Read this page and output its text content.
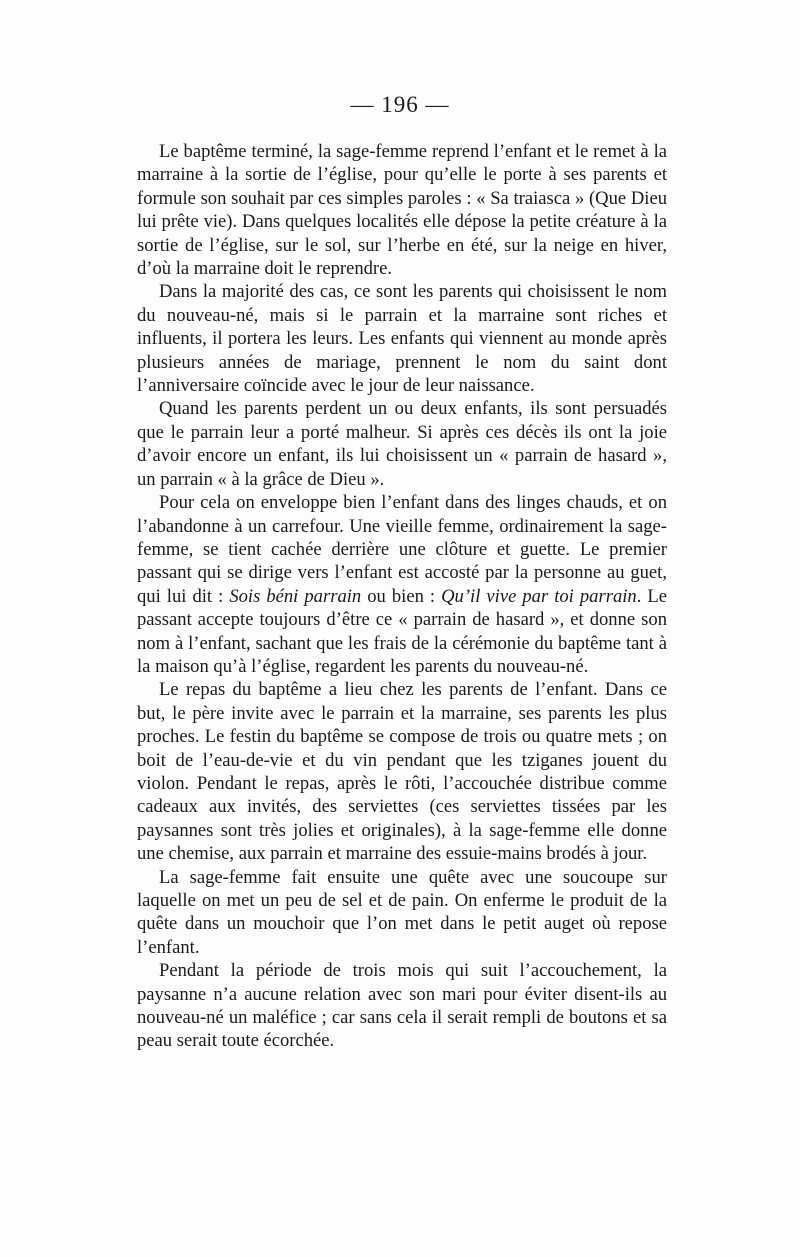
— 196 —

Le baptême terminé, la sage-femme reprend l’enfant et le remet à la marraine à la sortie de l’église, pour qu’elle le porte à ses parents et formule son souhait par ces simples paroles : « Sa traiasca » (Que Dieu lui prête vie). Dans quelques localités elle dépose la petite créature à la sortie de l’église, sur le sol, sur l’herbe en été, sur la neige en hiver, d’où la marraine doit le reprendre.

Dans la majorité des cas, ce sont les parents qui choisissent le nom du nouveau-né, mais si le parrain et la marraine sont riches et influents, il portera les leurs. Les enfants qui viennent au monde après plusieurs années de mariage, prennent le nom du saint dont l’anniversaire coïncide avec le jour de leur naissance.

Quand les parents perdent un ou deux enfants, ils sont persuadés que le parrain leur a porté malheur. Si après ces décès ils ont la joie d’avoir encore un enfant, ils lui choisissent un « parrain de hasard », un parrain « à la grâce de Dieu ».

Pour cela on enveloppe bien l’enfant dans des linges chauds, et on l’abandonne à un carrefour. Une vieille femme, ordinairement la sage-femme, se tient cachée derrière une clôture et guette. Le premier passant qui se dirige vers l’enfant est accosté par la personne au guet, qui lui dit : Sois béni parrain ou bien : Qu’il vive par toi parrain. Le passant accepte toujours d’être ce « parrain de hasard », et donne son nom à l’enfant, sachant que les frais de la cérémonie du baptême tant à la maison qu’à l’église, regardent les parents du nouveau-né.

Le repas du baptême a lieu chez les parents de l’enfant. Dans ce but, le père invite avec le parrain et la marraine, ses parents les plus proches. Le festin du baptême se compose de trois ou quatre mets ; on boit de l’eau-de-vie et du vin pendant que les tziganes jouent du violon. Pendant le repas, après le rôti, l’accouchée distribue comme cadeaux aux invités, des serviettes (ces serviettes tissées par les paysannes sont très jolies et originales), à la sage-femme elle donne une chemise, aux parrain et marraine des essuie-mains brodés à jour.

La sage-femme fait ensuite une quête avec une soucoupe sur laquelle on met un peu de sel et de pain. On enferme le produit de la quête dans un mouchoir que l’on met dans le petit auget où repose l’enfant.

Pendant la période de trois mois qui suit l’accouchement, la paysanne n’a aucune relation avec son mari pour éviter disent-ils au nouveau-né un maléfice ; car sans cela il serait rempli de boutons et sa peau serait toute écorchée.
